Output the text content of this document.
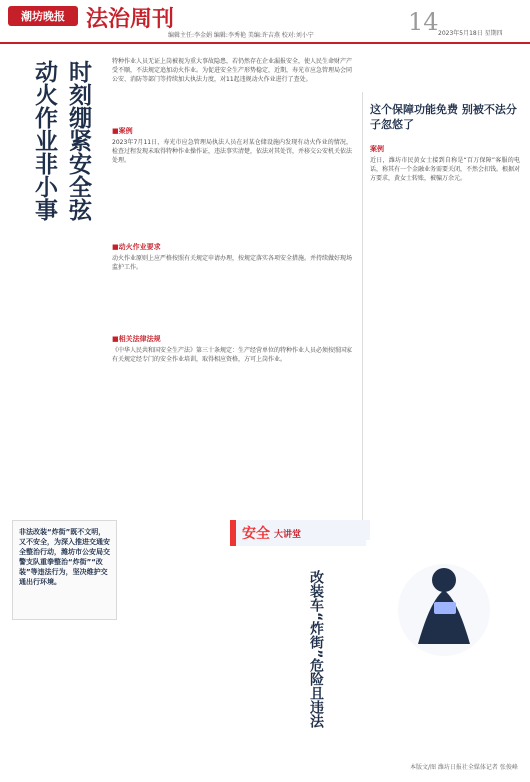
潮坊晚报 法治周刊
编辑主任:李金娟 编辑:李秀艳 美编:许吉燕 校对:刘小宁	14 2023年5月18日 星期四
动火作业非小事 时刻绷紧安全弦	特种作业人员无证上岗被视为重大事故隐患，若仍然存在企业漏报安全，使人民生命财产产受不顺，不法规定追加动火作业。为促进安全生产形势稳定，近期，寿光市应急管理局会同公安、消防等部门等持续加大执法力度，对11起违规动火作业进行了查处。
■案例
2023年7月11日，寿光市应急管理局执法人员在对某仓储设施内发现有动火作业的情况，检查过程发现未取得特种作业操作证，违法事实清楚，依法对其处罚，并移交公安机关依法处理。
■动火作业要求
动火作业原则上应严格按照有关规定申请办理，按规定落实各项安全措施。并持续做好现场监护工作。
■相关法律法规
《中华人民共和国安全生产法》第三十条规定：生产经营单位的特种作业人员必须按照国家有关规定经专门的安全作业培训，取得相应资格，方可上岗作业。
这个保障功能免费 别被不法分子忽悠了
案例
近日，潍坊市民黄女士接到自称是“百万保障”客服的电话，称其有一个金融业务需要关闭，不然会扣钱。根据对方要求，黄女士转账，被骗万余元。
安全 大讲堂

非法改装“炸街”既不文明，又不安全，为深入推进交通安全整治行动，潍坊市公安局交警支队重拳整治“炸街”“改装”等违法行为，坚决维护交通出行环境。	改装车“炸街”危险且违法
本版文/图 潍坊日报社全媒体记者 张俊峰
